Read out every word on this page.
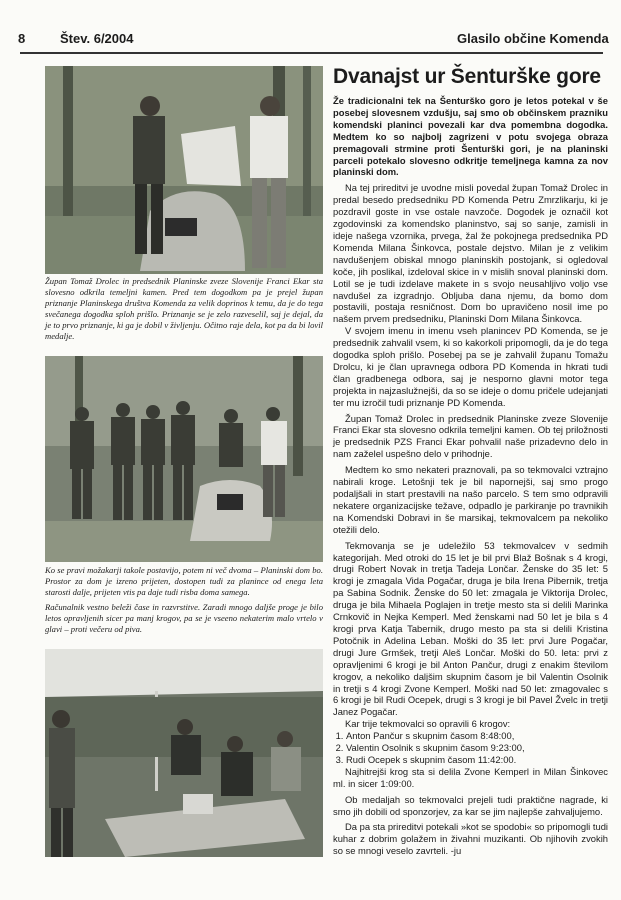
8	Štev. 6/2004	Glasilo občine Komenda

Župan Tomaž Drolec in predsednik Planinske zveze Slovenije Franci Ekar sta slovesno odkrila temeljni kamen. Pred tem dogodkom pa je prejel župan priznanje Planinskega društva Komenda za velik doprinos k temu, da je do tega svečanega dogodka sploh prišlo. Priznanje se je zelo razveselil, saj je dejal, da je to prvo priznanje, ki ga je dobil v življenju. Očitno raje dela, kot pa da bi lovil medalje.

Ko se pravi možakarji takole postavijo, potem ni več dvoma – Planinski dom bo. Prostor za dom je izreno prijeten, dostopen tudi za planince od enega leta starosti dalje, prijeten vtis pa daje tudi risba doma samega.

Računalnik vestno beleži čase in razvrstitve. Zaradi mnogo daljše proge je bilo letos opravljenih sicer pa manj krogov, pa se je vseeno nekaterim malo vrtelo v glavi – proti večeru od piva.

Dvanajst ur Šenturške gore

Že tradicionalni tek na Šenturško goro je letos potekal v še posebej slovesnem vzdušju, saj smo ob občinskem prazniku komendski planinci povezali kar dva pomembna dogodka. Medtem ko so najbolj zagrizeni v potu svojega obraza premagovali strmine proti Šenturški gori, je na planinski parceli potekalo slovesno odkritje temeljnega kamna za nov planinski dom.

Na tej prireditvi je uvodne misli povedal župan Tomaž Drolec in predal besedo predsedniku PD Komenda Petru Zmrzlikarju, ki je pozdravil goste in vse ostale navzoče. Dogodek je označil kot zgodovinski za komendsko planinstvo, saj so sanje, zamisli in ideje našega vzornika, prvega, žal že pokojnega predsednika PD Komenda Milana Šinkovca, postale dejstvo. Milan je z velikim navdušenjem obiskal mnogo planinskih postojank, si ogledoval koče, jih poslikal, izdeloval skice in v mislih snoval planinski dom. Lotil se je tudi izdelave makete in s svojo neusahljivo voljo vse navdušel za izgradnjo. Obljuba dana njemu, da bomo dom postavili, postaja resničnost. Dom bo upravičeno nosil ime po našem prvem predsedniku, Planinski Dom Milana Šinkovca.

V svojem imenu in imenu vseh planincev PD Komenda, se je predsednik zahvalil vsem, ki so kakorkoli pripomogli, da je do tega dogodka sploh prišlo. Posebej pa se je zahvalil županu Tomažu Drolcu, ki je član upravnega odbora PD Komenda in hkrati tudi član gradbenega odbora, saj je nesporno glavni motor tega projekta in najzaslužnejši, da so se ideje o domu pričele udejanjati ter mu izročil tudi priznanje PD Komenda.

Župan Tomaž Drolec in predsednik Planinske zveze Slovenije Franci Ekar sta slovesno odkrila temeljni kamen. Ob tej priložnosti je predsednik PZS Franci Ekar pohvalil naše prizadevno delo in nam zaželel uspešno delo v prihodnje.

Medtem ko smo nekateri praznovali, pa so tekmovalci vztrajno nabirali kroge. Letošnji tek je bil napornejši, saj smo progo podaljšali in start prestavili na našo parcelo. S tem smo odpravili nekatere organizacijske težave, odpadlo je parkiranje po travnikih na Komendski Dobravi in še marsikaj, tekmovalcem pa nekoliko otežili delo.

Tekmovanja se je udeležilo 53 tekmovalcev v sedmih kategorijah. Med otroki do 15 let je bil prvi Blaž Bošnak s 4 krogi, drugi Robert Novak in tretja Tadeja Lončar. Ženske do 35 let: 5 krogi je zmagala Vida Pogačar, druga je bila Irena Pibernik, tretja pa Sabina Sodnik. Ženske do 50 let: zmagala je Viktorija Drolec, druga je bila Mihaela Poglajen in tretje mesto sta si delili Marinka Crnkovič in Nejka Kemperl. Med ženskami nad 50 let je bila s 4 krogi prva Katja Tabernik, drugo mesto pa sta si delili Kristina Potočnik in Adelina Leban. Moški do 35 let: prvi Jure Pogačar, drugi Jure Grmšek, tretji Aleš Lončar. Moški do 50. leta: prvi z opravljenimi 6 krogi je bil Anton Pančur, drugi z enakim številom krogov, a nekoliko daljšim skupnim časom je bil Valentin Osolnik in tretji s 4 krogi Zvone Kemperl. Moški nad 50 let: zmagovalec s 6 krogi je bil Rudi Ocepek, drugi s 3 krogi je bil Pavel Žvelc in tretji Janez Pogačar.

Kar trije tekmovalci so opravili 6 krogov:

1. Anton Pančur s skupnim časom 8:48:00,
2. Valentin Osolnik s skupnim časom 9:23:00,
3. Rudi Ocepek s skupnim časom 11:42:00.

Najhitrejši krog sta si delila Zvone Kemperl in Milan Šinkovec ml. in sicer 1:09:00.

Ob medaljah so tekmovalci prejeli tudi praktične nagrade, ki smo jih dobili od sponzorjev, za kar se jim najlepše zahvaljujemo.

Da pa sta prireditvi potekali »kot se spodobi« so pripomogli tudi kuhar z dobrim golažem in živahni muzikanti. Ob njihovih zvokih so se mnogi veselo zavrteli. -ju
